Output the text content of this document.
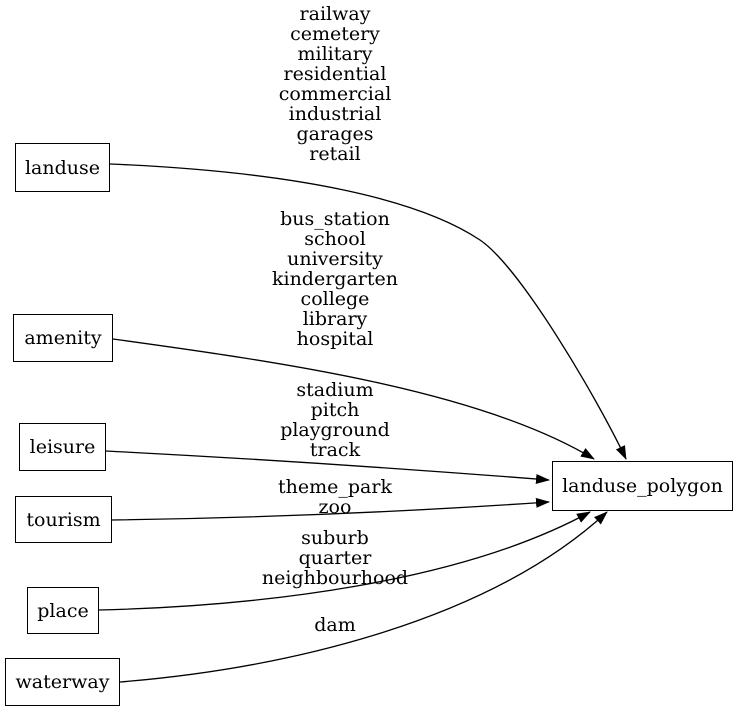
landuse
amenity
leisure
tourism
place
waterway
landuse_polygon
railway
cemetery
military
residential
commercial
industrial
garages
retail
bus_station
school
university
kindergarten
college
library
hospital
stadium
pitch
playground
track
theme_park
zoo
suburb
quarter
neighbourhood
dam
